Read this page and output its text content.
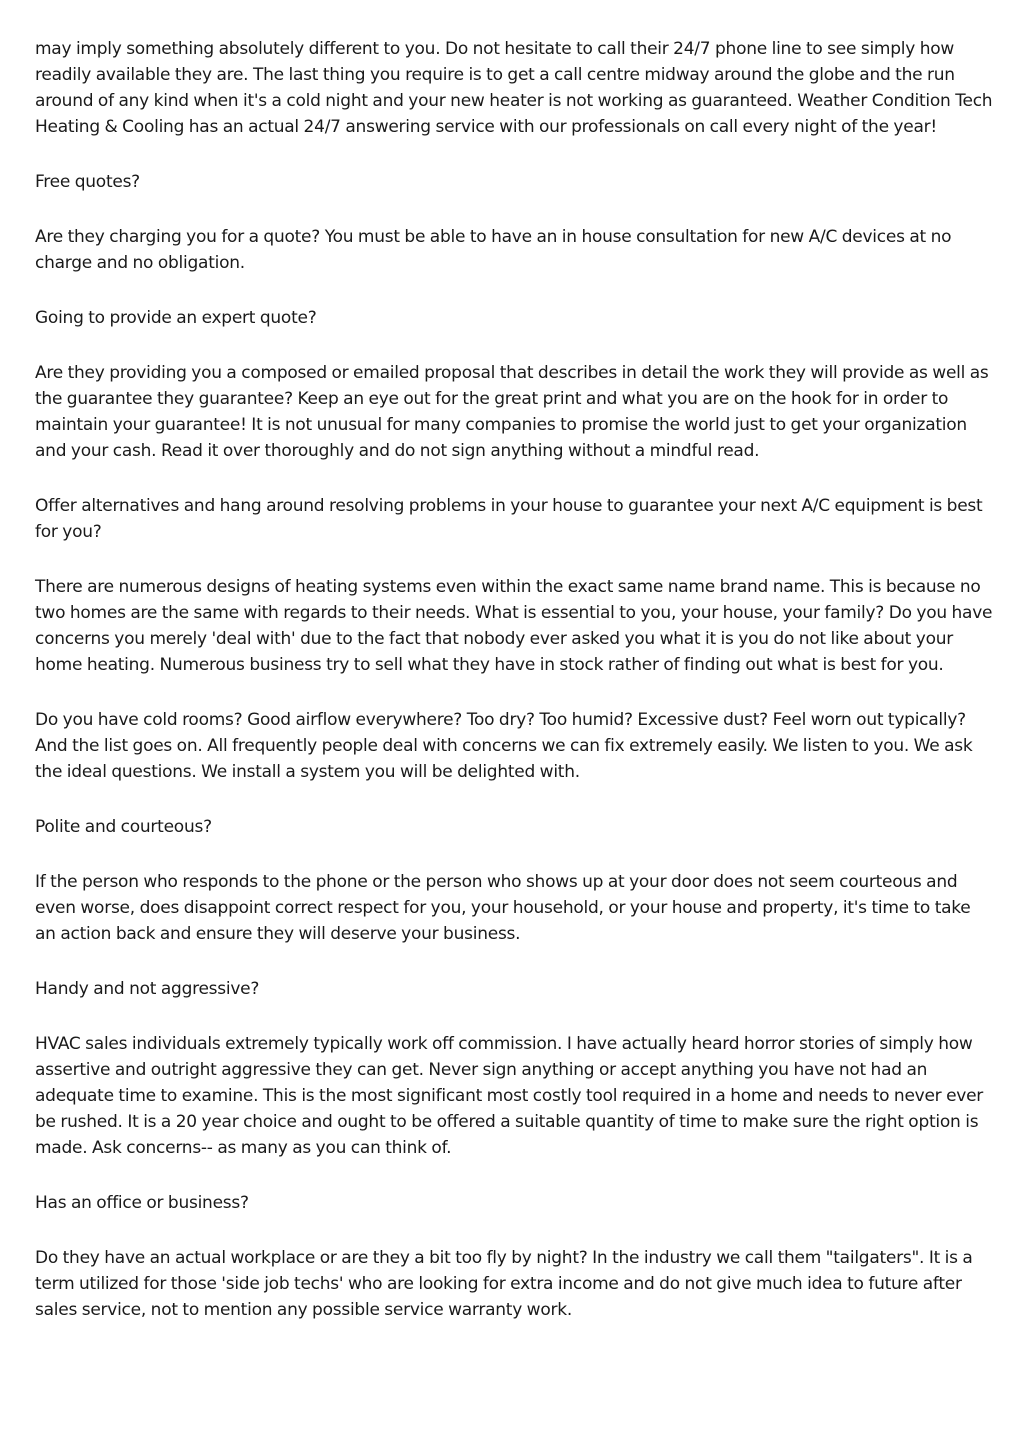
may imply something absolutely different to you. Do not hesitate to call their 24/7 phone line to see simply how readily available they are. The last thing you require is to get a call centre midway around the globe and the run around of any kind when it's a cold night and your new heater is not working as guaranteed. Weather Condition Tech Heating & Cooling has an actual 24/7 answering service with our professionals on call every night of the year!

Free quotes?

Are they charging you for a quote? You must be able to have an in house consultation for new A/C devices at no charge and no obligation.

Going to provide an expert quote?

Are they providing you a composed or emailed proposal that describes in detail the work they will provide as well as the guarantee they guarantee? Keep an eye out for the great print and what you are on the hook for in order to maintain your guarantee! It is not unusual for many companies to promise the world just to get your organization and your cash. Read it over thoroughly and do not sign anything without a mindful read.

Offer alternatives and hang around resolving problems in your house to guarantee your next A/C equipment is best for you?

There are numerous designs of heating systems even within the exact same name brand name. This is because no two homes are the same with regards to their needs. What is essential to you, your house, your family? Do you have concerns you merely 'deal with' due to the fact that nobody ever asked you what it is you do not like about your home heating. Numerous business try to sell what they have in stock rather of finding out what is best for you.

Do you have cold rooms? Good airflow everywhere? Too dry? Too humid? Excessive dust? Feel worn out typically? And the list goes on. All frequently people deal with concerns we can fix extremely easily. We listen to you. We ask the ideal questions. We install a system you will be delighted with.

Polite and courteous?

If the person who responds to the phone or the person who shows up at your door does not seem courteous and even worse, does disappoint correct respect for you, your household, or your house and property, it's time to take an action back and ensure they will deserve your business.

Handy and not aggressive?

HVAC sales individuals extremely typically work off commission. I have actually heard horror stories of simply how assertive and outright aggressive they can get. Never sign anything or accept anything you have not had an adequate time to examine. This is the most significant most costly tool required in a home and needs to never ever be rushed. It is a 20 year choice and ought to be offered a suitable quantity of time to make sure the right option is made. Ask concerns-- as many as you can think of.

Has an office or business?

Do they have an actual workplace or are they a bit too fly by night? In the industry we call them "tailgaters". It is a term utilized for those 'side job techs' who are looking for extra income and do not give much idea to future after sales service, not to mention any possible service warranty work.
